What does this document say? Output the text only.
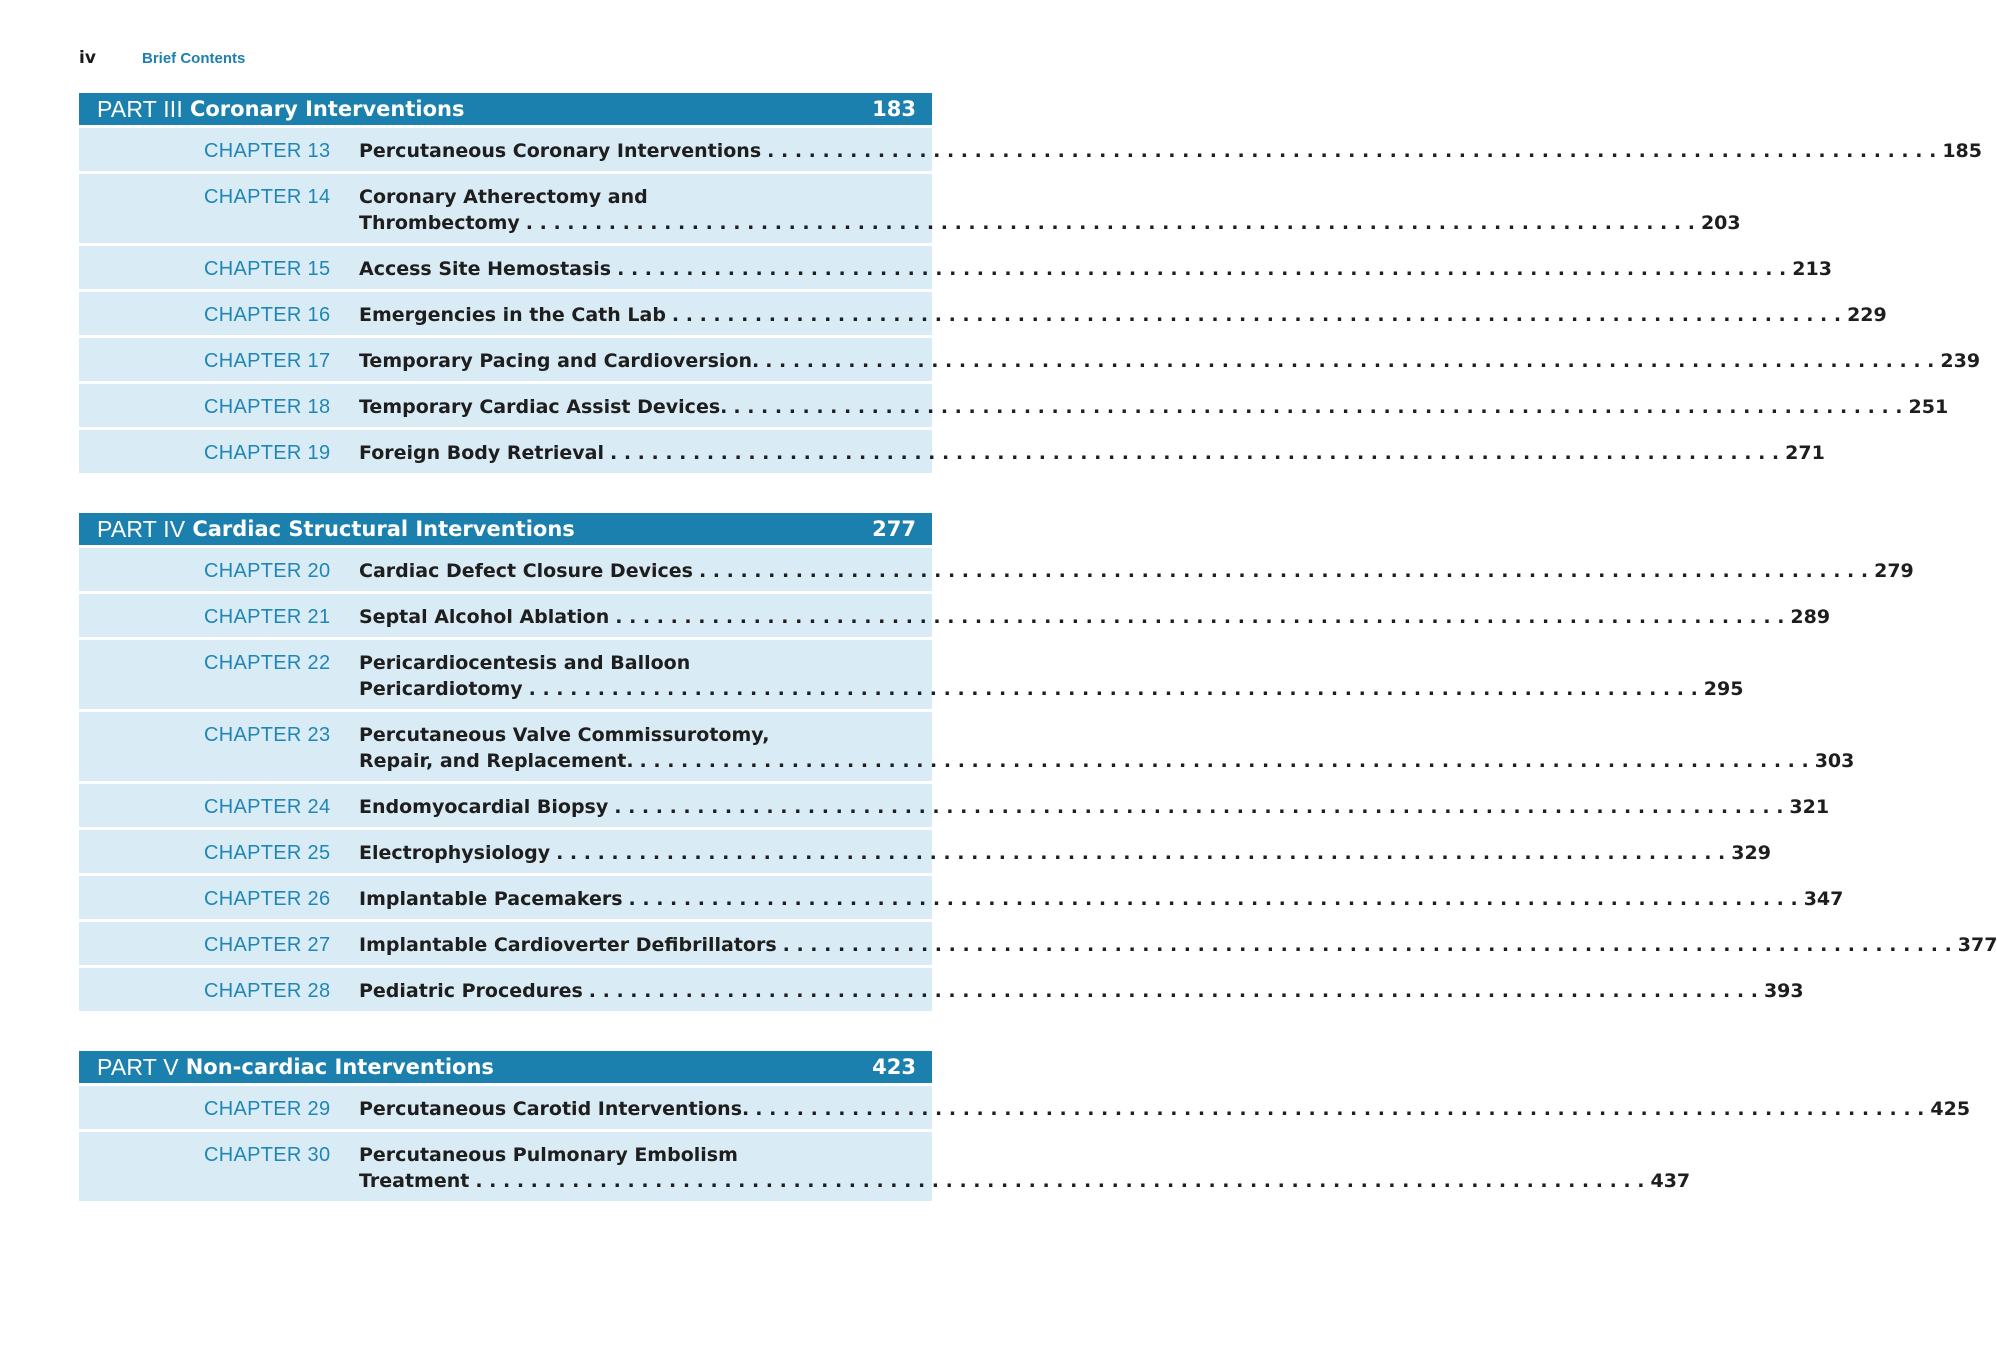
iv	Brief Contents
PART III Coronary Interventions	183
CHAPTER 13	Percutaneous Coronary Interventions . . .	185
CHAPTER 14	Coronary Atherectomy and
Thrombectomy . . .	203
CHAPTER 15	Access Site Hemostasis . . .	213
CHAPTER 16	Emergencies in the Cath Lab . . .	229
CHAPTER 17	Temporary Pacing and Cardioversion. . . .	239
CHAPTER 18	Temporary Cardiac Assist Devices. . . .	251
CHAPTER 19	Foreign Body Retrieval . . .	271
PART IV Cardiac Structural Interventions	277
CHAPTER 20	Cardiac Defect Closure Devices . . .	279
CHAPTER 21	Septal Alcohol Ablation . . .	289
CHAPTER 22	Pericardiocentesis and Balloon
Pericardiotomy . . .	295
CHAPTER 23	Percutaneous Valve Commissurotomy,
Repair, and Replacement. . . .	303
CHAPTER 24	Endomyocardial Biopsy . . .	321
CHAPTER 25	Electrophysiology . . .	329
CHAPTER 26	Implantable Pacemakers . . .	347
CHAPTER 27	Implantable Cardioverter Defibrillators . . .	377
CHAPTER 28	Pediatric Procedures . . .	393
PART V Non-cardiac Interventions	423
CHAPTER 29	Percutaneous Carotid Interventions. . . .	425
CHAPTER 30	Percutaneous Pulmonary Embolism
Treatment . . .	437
